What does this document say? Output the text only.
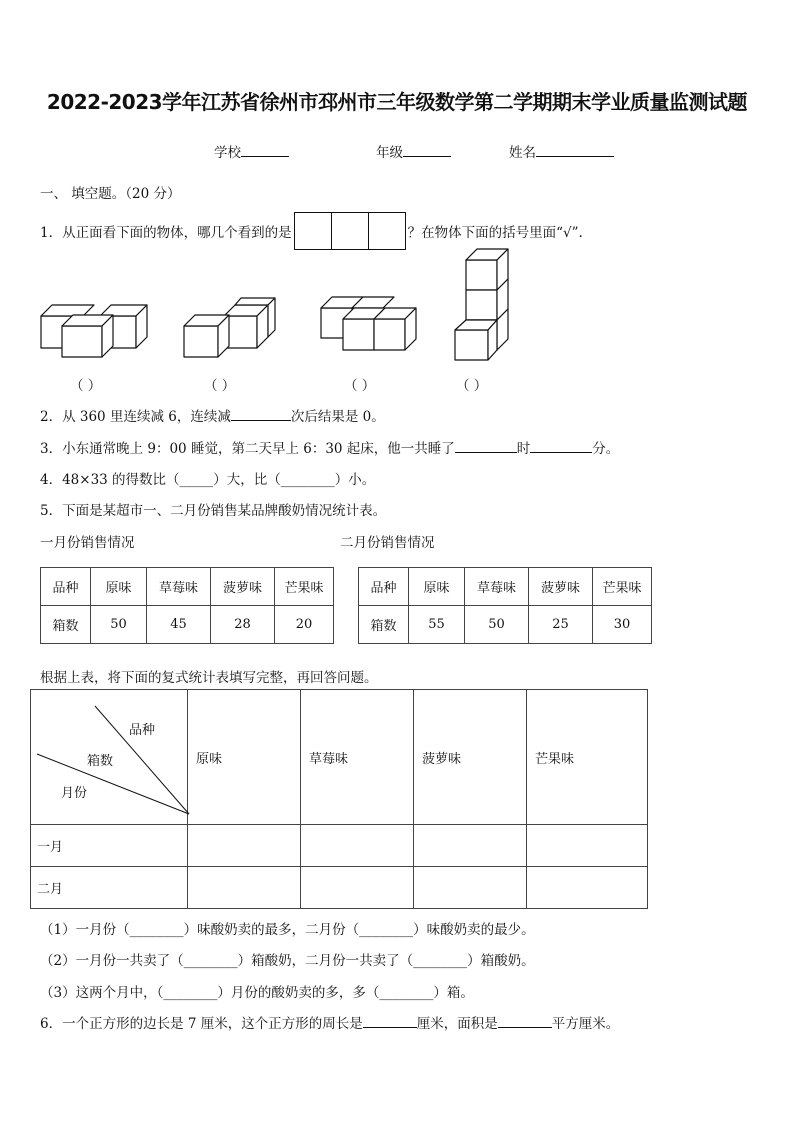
2022-2023学年江苏省徐州市邳州市三年级数学第二学期期末学业质量监测试题
学校	年级	姓名
一、 填空题。（20 分）
1．从正面看下面的物体，哪几个看到的是	？在物体下面的括号里面“√”.
（ ）	（ ）	（ ）	（ ）
2．从 360 里连续减 6，连续减	次后结果是 0。
3．小东通常晚上 9：00 睡觉，第二天早上 6：30 起床，他一共睡了	时	分。
4．48×33 的得数比（_____）大，比（________）小。
5．下面是某超市一、二月份销售某品牌酸奶情况统计表。
一月份销售情况	二月份销售情况
品种	原味	草莓味	菠萝味	芒果味
箱数	50	45	28	20
品种	原味	草莓味	菠萝味	芒果味
箱数	55	50	25	30
根据上表，将下面的复式统计表填写完整，再回答问题。
品种
箱数
月份	原味	草莓味	菠萝味	芒果味
一月				
二月				
（1）一月份（________）味酸奶卖的最多，二月份（________）味酸奶卖的最少。
（2）一月份一共卖了（________）箱酸奶，二月份一共卖了（________）箱酸奶。
（3）这两个月中，（________）月份的酸奶卖的多，多（________）箱。
6．一个正方形的边长是 7 厘米，这个正方形的周长是	厘米，面积是	平方厘米。
